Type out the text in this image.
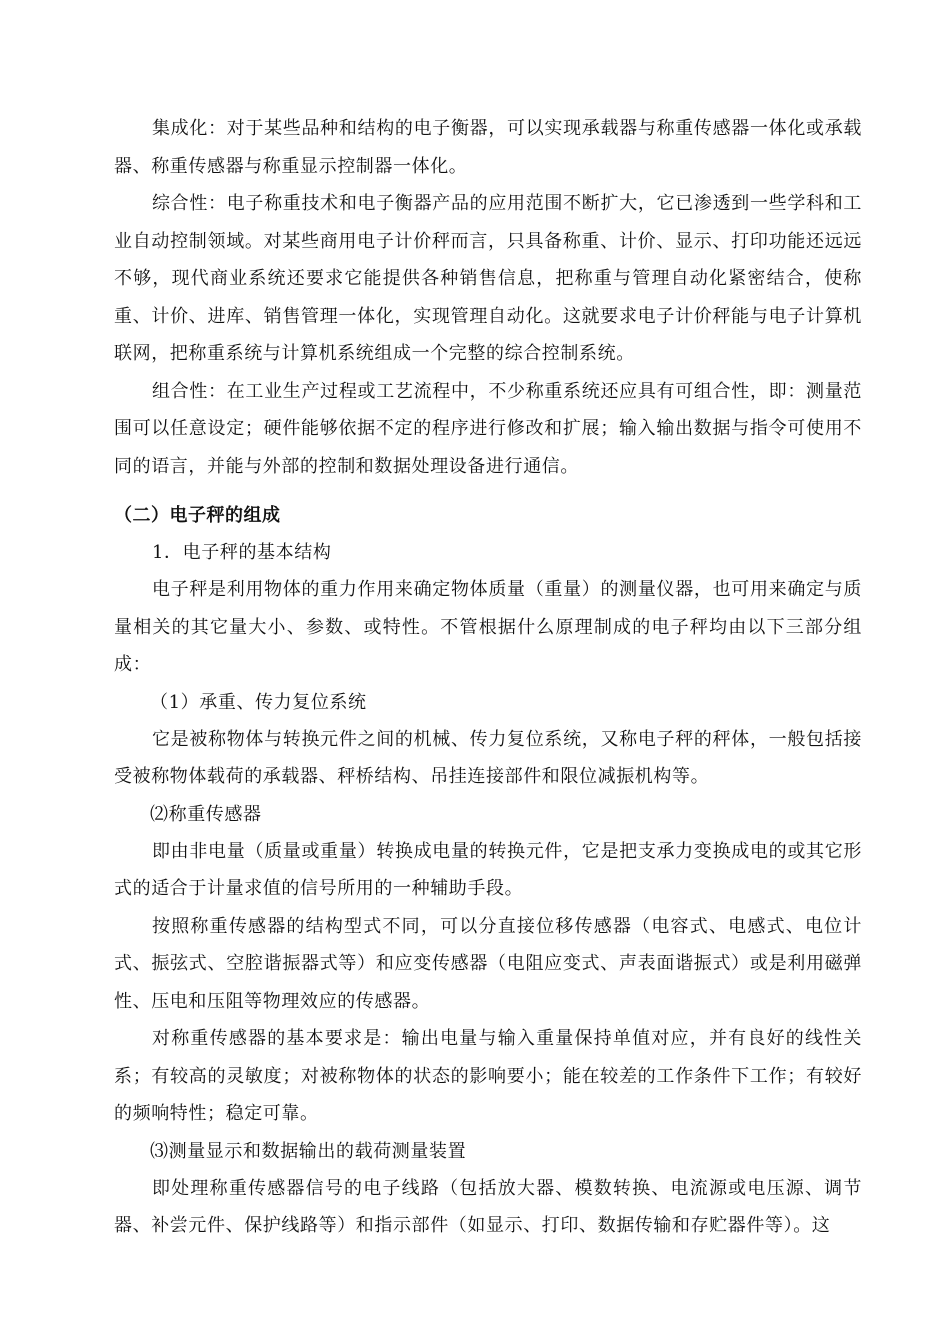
集成化：对于某些品种和结构的电子衡器，可以实现承载器与称重传感器一体化或承载器、称重传感器与称重显示控制器一体化。

综合性：电子称重技术和电子衡器产品的应用范围不断扩大，它已渗透到一些学科和工业自动控制领域。对某些商用电子计价秤而言，只具备称重、计价、显示、打印功能还远远不够，现代商业系统还要求它能提供各种销售信息，把称重与管理自动化紧密结合，使称重、计价、进库、销售管理一体化，实现管理自动化。这就要求电子计价秤能与电子计算机联网，把称重系统与计算机系统组成一个完整的综合控制系统。

组合性：在工业生产过程或工艺流程中，不少称重系统还应具有可组合性，即：测量范围可以任意设定；硬件能够依据不定的程序进行修改和扩展；输入输出数据与指令可使用不同的语言，并能与外部的控制和数据处理设备进行通信。

（二）电子秤的组成

1．电子秤的基本结构

电子秤是利用物体的重力作用来确定物体质量（重量）的测量仪器，也可用来确定与质量相关的其它量大小、参数、或特性。不管根据什么原理制成的电子秤均由以下三部分组成：

（1）承重、传力复位系统

它是被称物体与转换元件之间的机械、传力复位系统，又称电子秤的秤体，一般包括接受被称物体载荷的承载器、秤桥结构、吊挂连接部件和限位减振机构等。

⑵称重传感器

即由非电量（质量或重量）转换成电量的转换元件，它是把支承力变换成电的或其它形式的适合于计量求值的信号所用的一种辅助手段。

按照称重传感器的结构型式不同，可以分直接位移传感器（电容式、电感式、电位计式、振弦式、空腔谐振器式等）和应变传感器（电阻应变式、声表面谐振式）或是利用磁弹性、压电和压阻等物理效应的传感器。

对称重传感器的基本要求是：输出电量与输入重量保持单值对应，并有良好的线性关系；有较高的灵敏度；对被称物体的状态的影响要小；能在较差的工作条件下工作；有较好的频响特性；稳定可靠。

⑶测量显示和数据输出的载荷测量装置

即处理称重传感器信号的电子线路（包括放大器、模数转换、电流源或电压源、调节器、补尝元件、保护线路等）和指示部件（如显示、打印、数据传输和存贮器件等）。这
